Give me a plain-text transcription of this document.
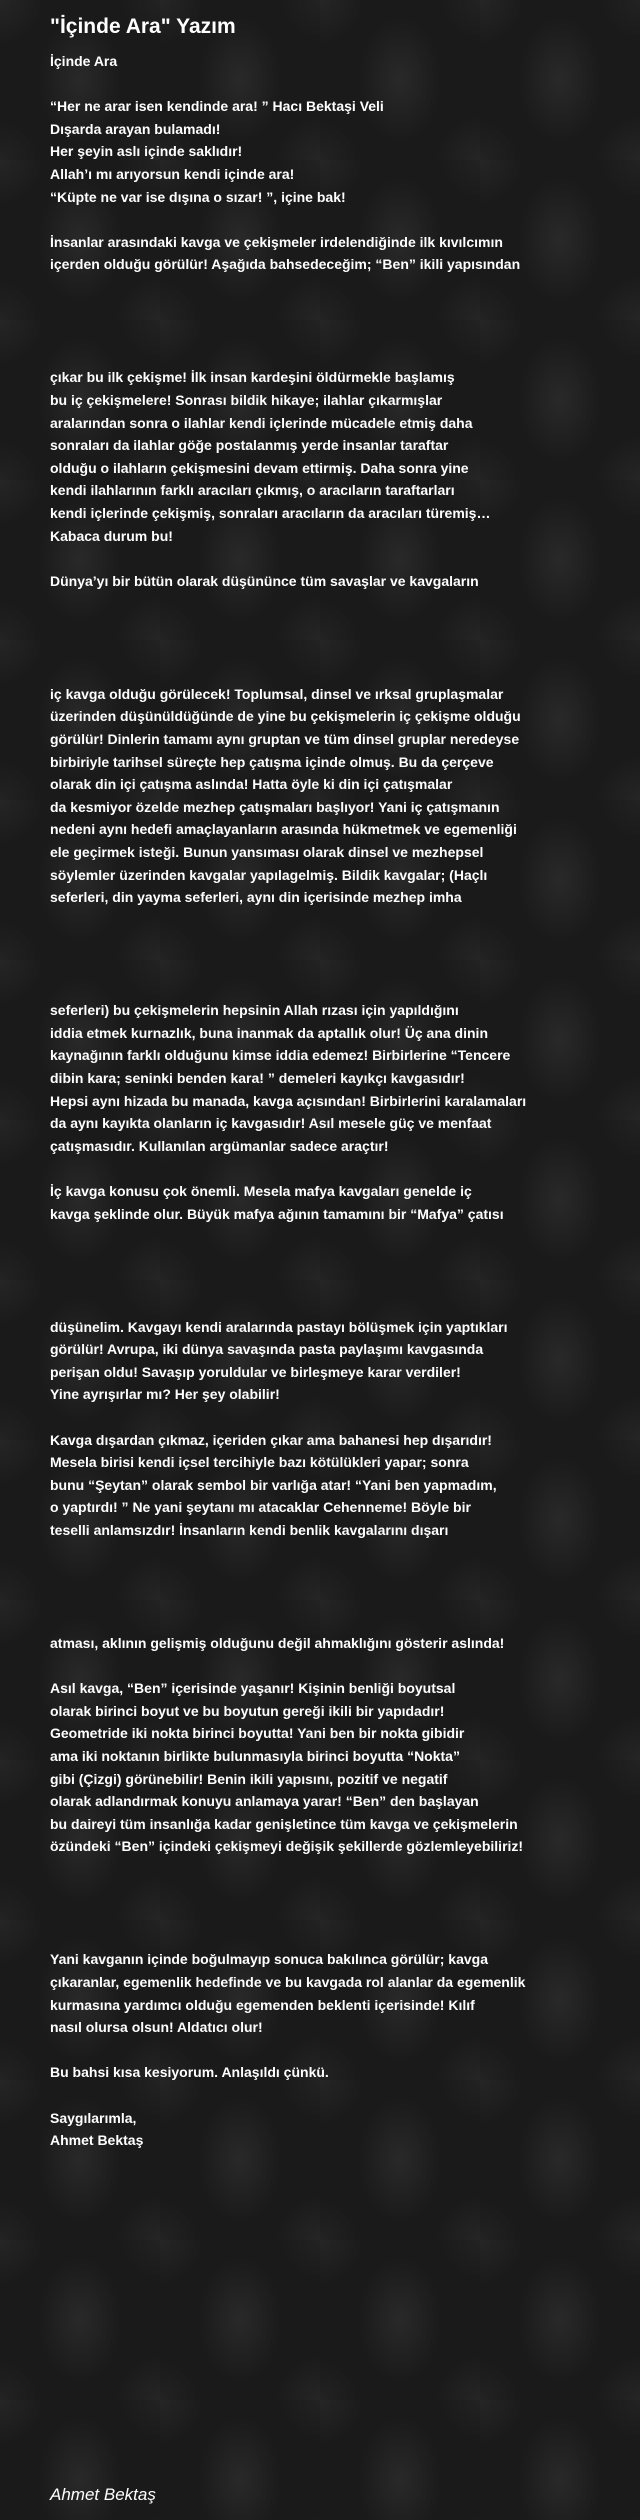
"İçinde Ara" Yazım
İçinde Ara
“Her ne arar isen kendinde ara! ” Hacı Bektaşi Veli
Dışarda arayan bulamadı!
Her şeyin aslı içinde saklıdır!
Allah’ı mı arıyorsun kendi içinde ara!
“Küpte ne var ise dışına o sızar! ”, içine bak!
İnsanlar arasındaki kavga ve çekişmeler irdelendiğinde ilk kıvılcımın
içerden olduğu görülür! Aşağıda bahsedeceğim; “Ben” ikili yapısından
çıkar bu ilk çekişme! İlk insan kardeşini öldürmekle başlamış
bu iç çekişmelere! Sonrası bildik hikaye; ilahlar çıkarmışlar
aralarından sonra o ilahlar kendi içlerinde mücadele etmiş daha
sonraları da ilahlar göğe postalanmış yerde insanlar taraftar
olduğu o ilahların çekişmesini devam ettirmiş. Daha sonra yine
kendi ilahlarının farklı aracıları çıkmış, o aracıların taraftarları
kendi içlerinde çekişmiş, sonraları aracıların da aracıları türemiş…
Kabaca durum bu!
Dünya’yı bir bütün olarak düşününce tüm savaşlar ve kavgaların
iç kavga olduğu görülecek! Toplumsal, dinsel ve ırksal gruplaşmalar
üzerinden düşünüldüğünde de yine bu çekişmelerin iç çekişme olduğu
görülür! Dinlerin tamamı aynı gruptan ve tüm dinsel gruplar neredeyse
birbiriyle tarihsel süreçte hep çatışma içinde olmuş. Bu da çerçeve
olarak din içi çatışma aslında! Hatta öyle ki din içi çatışmalar
da kesmiyor özelde mezhep çatışmaları başlıyor! Yani iç çatışmanın
nedeni aynı hedefi amaçlayanların arasında hükmetmek ve egemenliği
ele geçirmek isteği. Bunun yansıması olarak dinsel ve mezhepsel
söylemler üzerinden kavgalar yapılagelmiş. Bildik kavgalar; (Haçlı
seferleri, din yayma seferleri, aynı din içerisinde mezhep imha
seferleri) bu çekişmelerin hepsinin Allah rızası için yapıldığını
iddia etmek kurnazlık, buna inanmak da aptallık olur! Üç ana dinin
kaynağının farklı olduğunu kimse iddia edemez! Birbirlerine “Tencere
dibin kara; seninki benden kara! ” demeleri kayıkçı kavgasıdır!
Hepsi aynı hizada bu manada, kavga açısından! Birbirlerini karalamaları
da aynı kayıkta olanların iç kavgasıdır! Asıl mesele güç ve menfaat
çatışmasıdır. Kullanılan argümanlar sadece araçtır!
İç kavga konusu çok önemli. Mesela mafya kavgaları genelde iç
kavga şeklinde olur. Büyük mafya ağının tamamını bir “Mafya” çatısı
düşünelim. Kavgayı kendi aralarında pastayı bölüşmek için yaptıkları
görülür! Avrupa, iki dünya savaşında pasta paylaşımı kavgasında
perişan oldu! Savaşıp yoruldular ve birleşmeye karar verdiler!
Yine ayrışırlar mı? Her şey olabilir!
Kavga dışardan çıkmaz, içeriden çıkar ama bahanesi hep dışarıdır!
Mesela birisi kendi içsel tercihiyle bazı kötülükleri yapar; sonra
bunu “Şeytan” olarak sembol bir varlığa atar! “Yani ben yapmadım,
o yaptırdı! ” Ne yani şeytanı mı atacaklar Cehenneme! Böyle bir
teselli anlamsızdır! İnsanların kendi benlik kavgalarını dışarı
atması, aklının gelişmiş olduğunu değil ahmaklığını gösterir aslında!
Asıl kavga, “Ben” içerisinde yaşanır! Kişinin benliği boyutsal
olarak birinci boyut ve bu boyutun gereği ikili bir yapıdadır!
Geometride iki nokta birinci boyutta! Yani ben bir nokta gibidir
ama iki noktanın birlikte bulunmasıyla birinci boyutta “Nokta”
gibi (Çizgi) görünebilir! Benin ikili yapısını, pozitif ve negatif
olarak adlandırmak konuyu anlamaya yarar! “Ben” den başlayan
bu daireyi tüm insanlığa kadar genişletince tüm kavga ve çekişmelerin
özündeki “Ben” içindeki çekişmeyi değişik şekillerde gözlemleyebiliriz!
Yani kavganın içinde boğulmayıp sonuca bakılınca görülür; kavga
çıkaranlar, egemenlik hedefinde ve bu kavgada rol alanlar da egemenlik
kurmasına yardımcı olduğu egemenden beklenti içerisinde! Kılıf
nasıl olursa olsun! Aldatıcı olur!
Bu bahsi kısa kesiyorum. Anlaşıldı çünkü.
Saygılarımla,
Ahmet Bektaş
Ahmet Bektaş
